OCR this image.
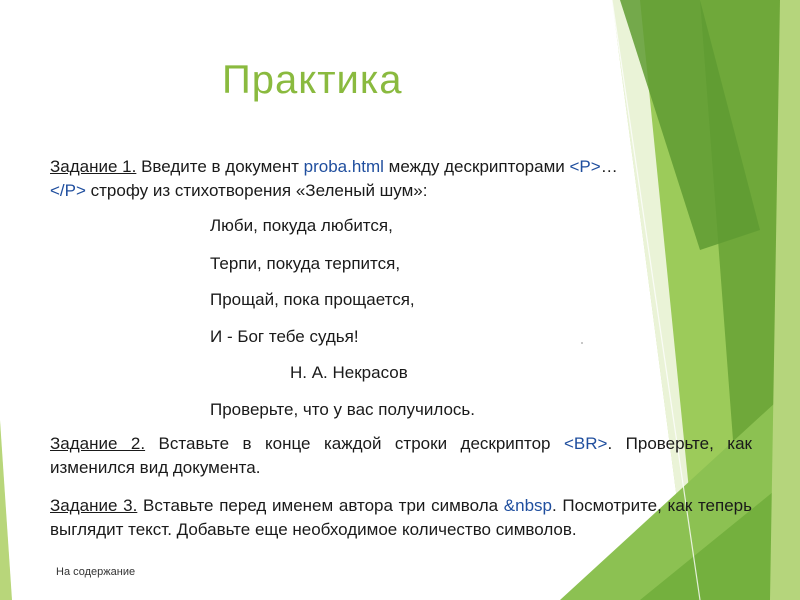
Практика
Задание 1. Введите в документ proba.html между дескрипторами <P>…
</P> строфу из стихотворения «Зеленый шум»:
Люби, покуда любится,
Терпи, покуда терпится,
Прощай, пока прощается,
И - Бог тебе судья!
Н. А. Некрасов
Проверьте, что у вас получилось.
Задание 2. Вставьте в конце каждой строки дескриптор <BR>. Проверьте, как изменился вид документа.
Задание 3. Вставьте перед именем автора три символа &nbsp. Посмотрите, как теперь выглядит текст. Добавьте еще необходимое количество символов.
На содержание
